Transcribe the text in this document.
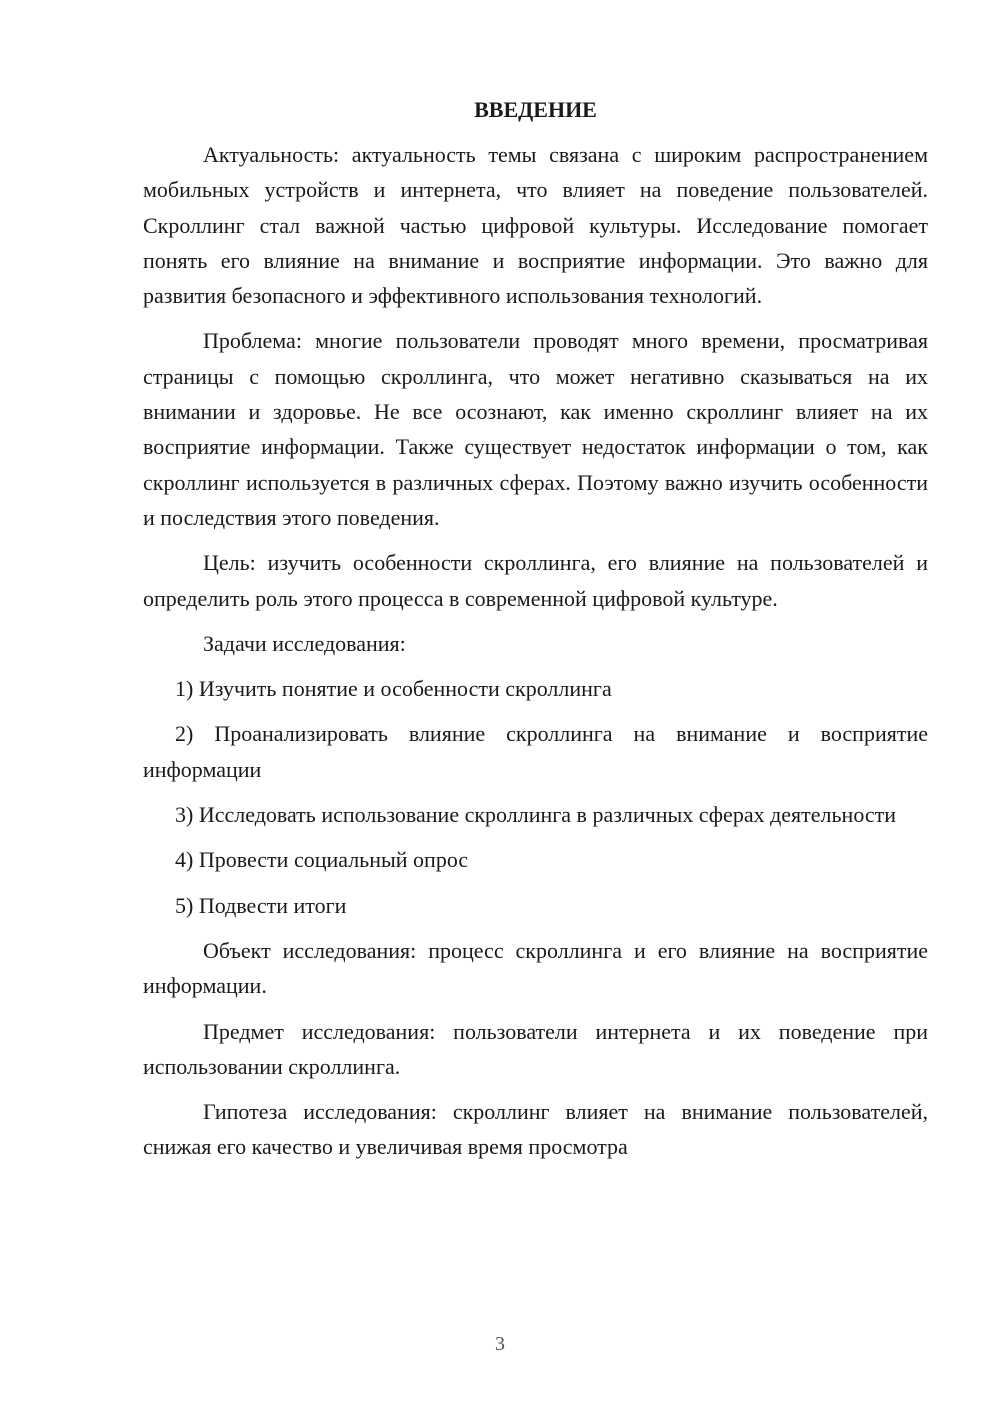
ВВЕДЕНИЕ

Актуальность: актуальность темы связана с широким распространением мобильных устройств и интернета, что влияет на поведение пользователей. Скроллинг стал важной частью цифровой культуры. Исследование помогает понять его влияние на внимание и восприятие информации. Это важно для развития безопасного и эффективного использования технологий.

Проблема: многие пользователи проводят много времени, просматривая страницы с помощью скроллинга, что может негативно сказываться на их внимании и здоровье. Не все осознают, как именно скроллинг влияет на их восприятие информации. Также существует недостаток информации о том, как скроллинг используется в различных сферах. Поэтому важно изучить особенности и последствия этого поведения.

Цель: изучить особенности скроллинга, его влияние на пользователей и определить роль этого процесса в современной цифровой культуре.

Задачи исследования:

1) Изучить понятие и особенности скроллинга

2) Проанализировать влияние скроллинга на внимание и восприятие информации

3) Исследовать использование скроллинга в различных сферах деятельности

4) Провести социальный опрос

5) Подвести итоги

Объект исследования: процесс скроллинга и его влияние на восприятие информации.

Предмет исследования: пользователи интернета и их поведение при использовании скроллинга.

Гипотеза исследования: скроллинг влияет на внимание пользователей, снижая его качество и увеличивая время просмотра

3
